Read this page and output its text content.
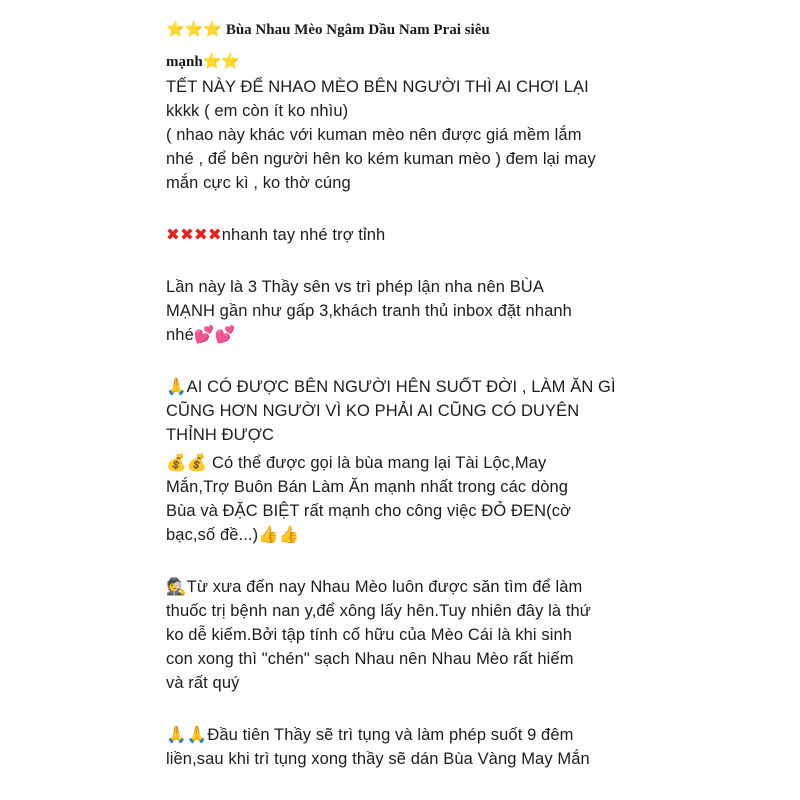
⭐⭐⭐ Bùa Nhau Mèo Ngâm Dầu Nam Prai siêu

mạnh⭐⭐

TẾT NÀY ĐỂ NHAO MÈO BÊN NGƯỜI THÌ AI CHƠI LẠI

kkkk ( em còn ít ko nhìu)

( nhao này khác với kuman mèo nên được giá mềm lắm

nhé , để bên người hên ko kém kuman mèo ) đem lại may

mắn cực kì , ko thờ cúng

✖✖✖✖nhanh tay nhé trợ tỉnh

Lần này là 3 Thầy sên vs trì phép lận nha nên BÙA

MẠNH gần như gấp 3,khách tranh thủ inbox đặt nhanh

nhé💕💕

🙏AI CÓ ĐƯỢC BÊN NGƯỜI HÊN SUỐT ĐỜI , LÀM ĂN GÌ

CŨNG HƠN NGƯỜI VÌ KO PHẢI AI CŨNG CÓ DUYÊN

THỈNH ĐƯỢC

💰💰 Có thể được gọi là bùa mang lại Tài Lộc,May

Mắn,Trợ Buôn Bán Làm Ăn mạnh nhất trong các dòng

Bùa và ĐẶC BIỆT rất mạnh cho công việc ĐỎ ĐEN(cờ

bạc,số đề...)👍👍

🕵Từ xưa đến nay Nhau Mèo luôn được săn tìm để làm

thuốc trị bệnh nan y,để xông lấy hên.Tuy nhiên đây là thứ

ko dễ kiếm.Bởi tập tính cố hữu của Mèo Cái là khi sinh

con xong thì "chén" sạch Nhau nên Nhau Mèo rất hiếm

và rất quý

🙏🙏Đầu tiên Thầy sẽ trì tụng và làm phép suốt 9 đêm

liền,sau khi trì tụng xong thầy sẽ dán Bùa Vàng May Mắn
